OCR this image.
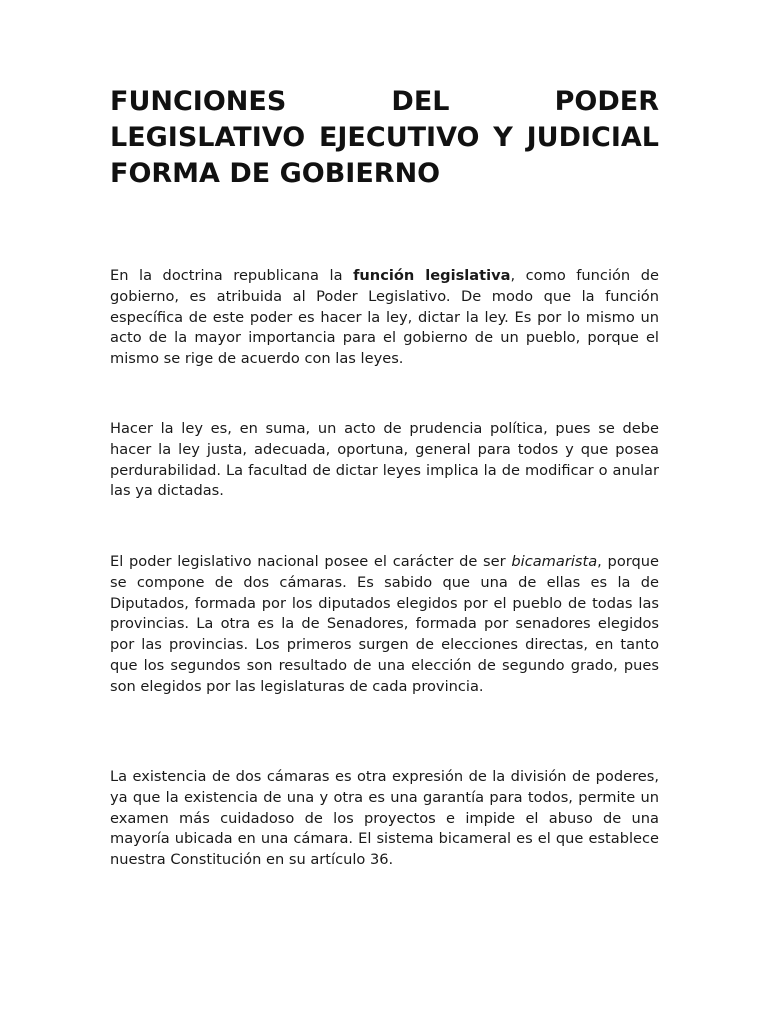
FUNCIONES DEL PODER LEGISLATIVO EJECUTIVO Y JUDICIAL FORMA DE GOBIERNO

En la doctrina republicana la función legislativa, como función de gobierno, es atribuida al Poder Legislativo. De modo que la función específica de este poder es hacer la ley, dictar la ley. Es por lo mismo un acto de la mayor importancia para el gobierno de un pueblo, porque el mismo se rige de acuerdo con las leyes.

Hacer la ley es, en suma, un acto de prudencia política, pues se debe hacer la ley justa, adecuada, oportuna, general para todos y que posea perdurabilidad. La facultad de dictar leyes implica la de modificar o anular las ya dictadas.

El poder legislativo nacional posee el carácter de ser bicamarista, porque se compone de dos cámaras. Es sabido que una de ellas es la de Diputados, formada por los diputados elegidos por el pueblo de todas las provincias. La otra es la de Senadores, formada por senadores elegidos por las provincias. Los primeros surgen de elecciones directas, en tanto que los segundos son resultado de una elección de segundo grado, pues son elegidos por las legislaturas de cada provincia.

La existencia de dos cámaras es otra expresión de la división de poderes, ya que la existencia de una y otra es una garantía para todos, permite un examen más cuidadoso de los proyectos e impide el abuso de una mayoría ubicada en una cámara. El sistema bicameral es el que establece nuestra Constitución en su artículo 36.
